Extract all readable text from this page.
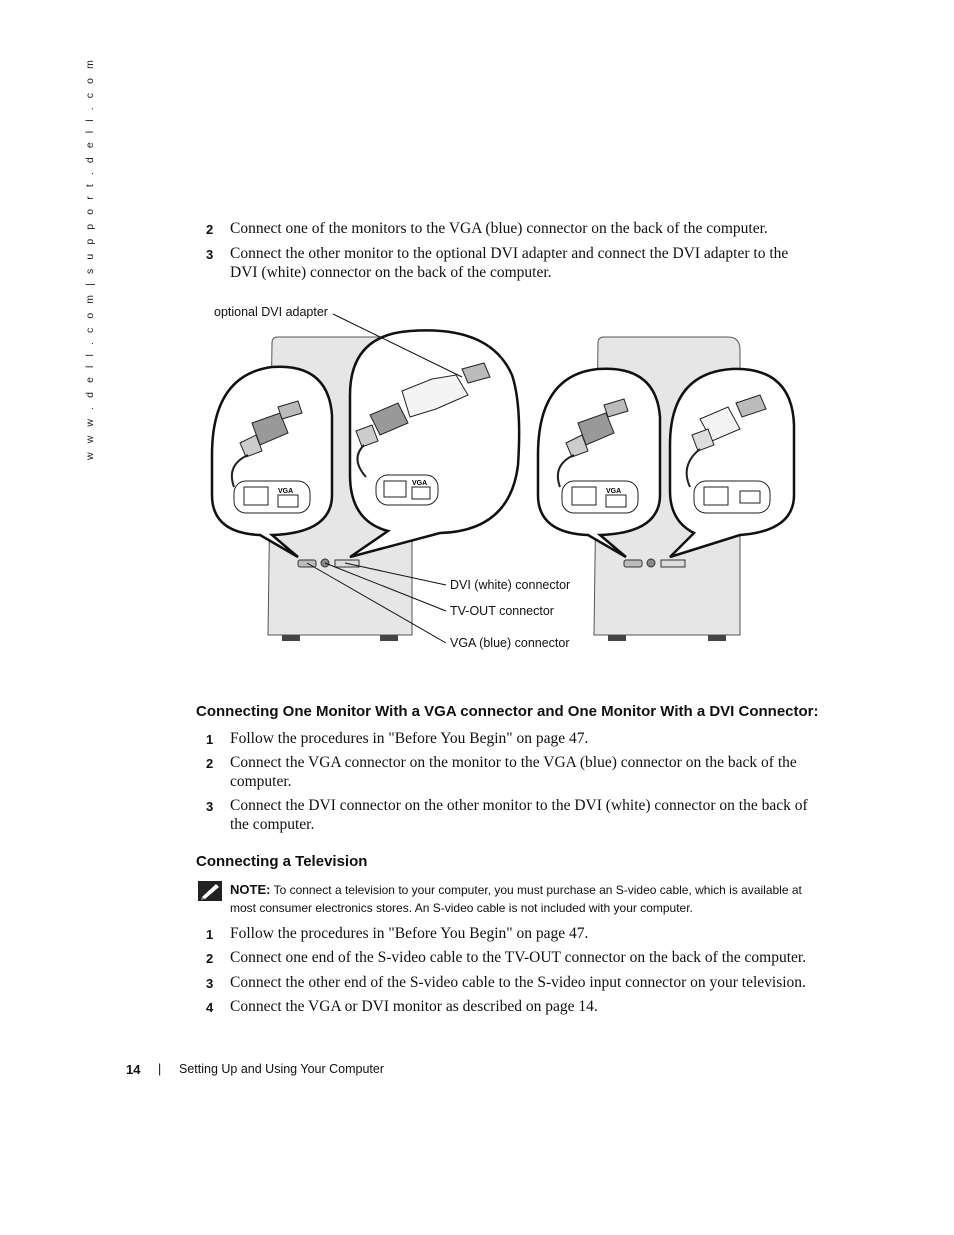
w w w . d e l l . c o m | s u p p o r t . d e l l . c o m	2	Connect one of the monitors to the VGA (blue) connector on the back of the computer.
3	Connect the other monitor to the optional DVI adapter and connect the DVI adapter to the DVI (white) connector on the back of the computer.
VGA
VGA
VGA
optional DVI adapter
DVI (white) connector
TV-OUT connector
VGA (blue) connector
Connecting One Monitor With a VGA connector and One Monitor With a DVI Connector:
1	Follow the procedures in "Before You Begin" on page 47.
2	Connect the VGA connector on the monitor to the VGA (blue) connector on the back of the computer.
3	Connect the DVI connector on the other monitor to the DVI (white) connector on the back of the computer.
Connecting a Television
NOTE: To connect a television to your computer, you must purchase an S-video cable, which is available at most consumer electronics stores. An S-video cable is not included with your computer.
1	Follow the procedures in "Before You Begin" on page 47.
2	Connect one end of the S-video cable to the TV-OUT connector on the back of the computer.
3	Connect the other end of the S-video cable to the S-video input connector on your television.
4	Connect the VGA or DVI monitor as described on page 14.
14 | Setting Up and Using Your Computer
